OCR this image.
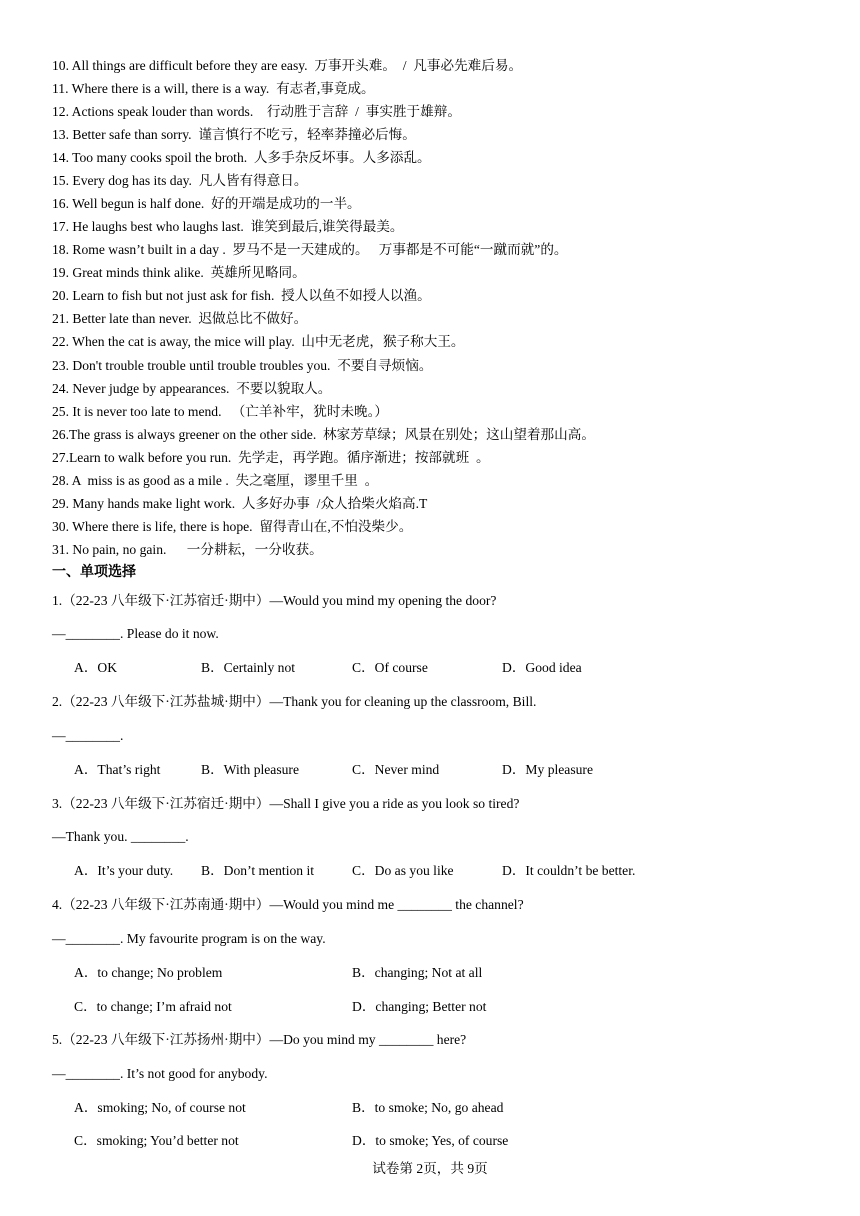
10. All things are difficult before they are easy.  万事开头难。  /  凡事必先难后易。
11. Where there is a will, there is a way.  有志者,事竟成。
12. Actions speak louder than words.    行动胜于言辞  /  事实胜于雄辩。
13. Better safe than sorry.  谨言慎行不吃亏，轻率莽撞必后悔。
14. Too many cooks spoil the broth.  人多手杂反坏事。人多添乱。
15. Every dog has its day.  凡人皆有得意日。
16. Well begun is half done.  好的开端是成功的一半。
17. He laughs best who laughs last.  谁笑到最后,谁笑得最美。
18. Rome wasn’t built in a day .  罗马不是一天建成的。   万事都是不可能“一蹴而就”的。
19. Great minds think alike.  英雄所见略同。
20. Learn to fish but not just ask for fish.  授人以鱼不如授人以渔。
21. Better late than never.  迟做总比不做好。
22. When the cat is away, the mice will play.  山中无老虎，猴子称大王。
23. Don't trouble trouble until trouble troubles you.  不要自寻烦恼。
24. Never judge by appearances.  不要以貌取人。
25. It is never too late to mend.   （亡羊补牢，犹时未晚。）
26.The grass is always greener on the other side.  林家芳草绿；风景在别处；这山望着那山高。
27.Learn to walk before you run.  先学走，再学跑。循序渐进；按部就班  。
28. A  miss is as good as a mile .  失之毫厘，谬里千里  。
29. Many hands make light work.  人多好办事  /众人拾柴火焰高.T
30. Where there is life, there is hope.  留得青山在,不怕没柴少。
31. No pain, no gain.      一分耕耘，一分收获。
一、单项选择
1.（22-23 八年级下·江苏宿迁·期中）—Would you mind my opening the door?
—________. Please do it now.
A．OK	B．Certainly not	C．Of course	D．Good idea
2.（22-23 八年级下·江苏盐城·期中）—Thank you for cleaning up the classroom, Bill.
—________.
A．That’s right	B．With pleasure	C．Never mind	D．My pleasure
3.（22-23 八年级下·江苏宿迁·期中）—Shall I give you a ride as you look so tired?
—Thank you. ________.
A．It’s your duty. B．Don’t mention it	C．Do as you like	D．It couldn’t be better.
4.（22-23 八年级下·江苏南通·期中）—Would you mind me ________ the channel?
—________. My favourite program is on the way.
A．to change; No problem	B．changing; Not at all
C．to change; I’m afraid not	D．changing; Better not
5.（22-23 八年级下·江苏扬州·期中）—Do you mind my ________ here?
—________. It’s not good for anybody.
A．smoking; No, of course not	B．to smoke; No, go ahead
C．smoking; You’d better not	D．to smoke; Yes, of course
试卷第 2页，共 9页
